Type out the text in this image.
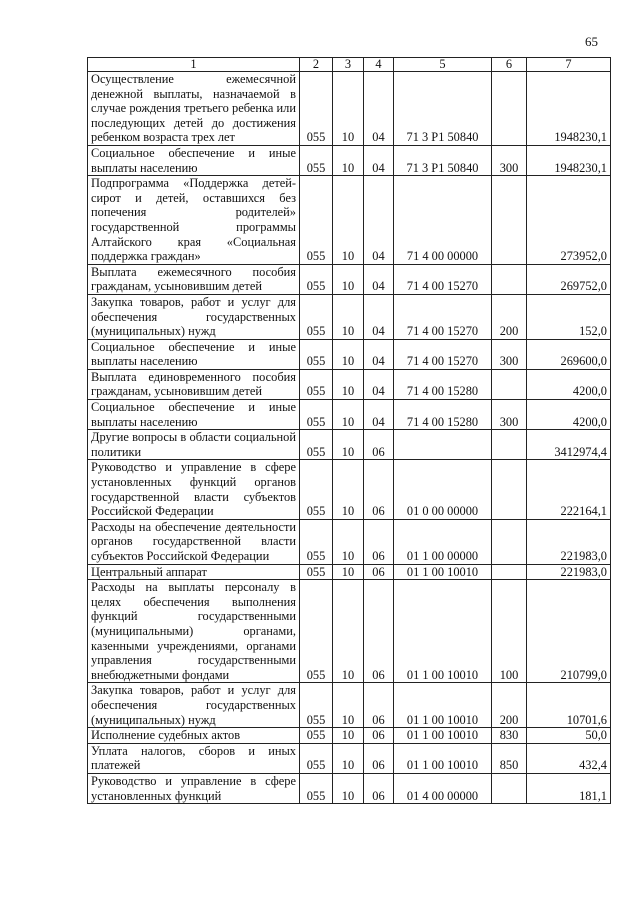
65
1	2	3	4	5	6	7
Осуществление ежемесячной денежной выплаты, назначаемой в случае рождения третьего ребенка или последующих детей до достижения ребенком возраста трех лет	055	10	04	71 3 P1 50840		1948230,1
Социальное обеспечение и иные выплаты населению	055	10	04	71 3 P1 50840	300	1948230,1
Подпрограмма «Поддержка детей-сирот и детей, оставшихся без попечения родителей» государственной программы Алтайского края «Социальная поддержка граждан»	055	10	04	71 4 00 00000		273952,0
Выплата ежемесячного пособия гражданам, усыновившим детей	055	10	04	71 4 00 15270		269752,0
Закупка товаров, работ и услуг для обеспечения государственных (муниципальных) нужд	055	10	04	71 4 00 15270	200	152,0
Социальное обеспечение и иные выплаты населению	055	10	04	71 4 00 15270	300	269600,0
Выплата единовременного пособия гражданам, усыновившим детей	055	10	04	71 4 00 15280		4200,0
Социальное обеспечение и иные выплаты населению	055	10	04	71 4 00 15280	300	4200,0
Другие вопросы в области социальной политики	055	10	06			3412974,4
Руководство и управление в сфере установленных функций органов государственной власти субъектов Российской Федерации	055	10	06	01 0 00 00000		222164,1
Расходы на обеспечение деятельности органов государственной власти субъектов Российской Федерации	055	10	06	01 1 00 00000		221983,0
Центральный аппарат	055	10	06	01 1 00 10010		221983,0
Расходы на выплаты персоналу в целях обеспечения выполнения функций государственными (муниципальными) органами, казенными учреждениями, органами управления государственными внебюджетными фондами	055	10	06	01 1 00 10010	100	210799,0
Закупка товаров, работ и услуг для обеспечения государственных (муниципальных) нужд	055	10	06	01 1 00 10010	200	10701,6
Исполнение судебных актов	055	10	06	01 1 00 10010	830	50,0
Уплата налогов, сборов и иных платежей	055	10	06	01 1 00 10010	850	432,4
Руководство и управление в сфере установленных функций	055	10	06	01 4 00 00000		181,1
